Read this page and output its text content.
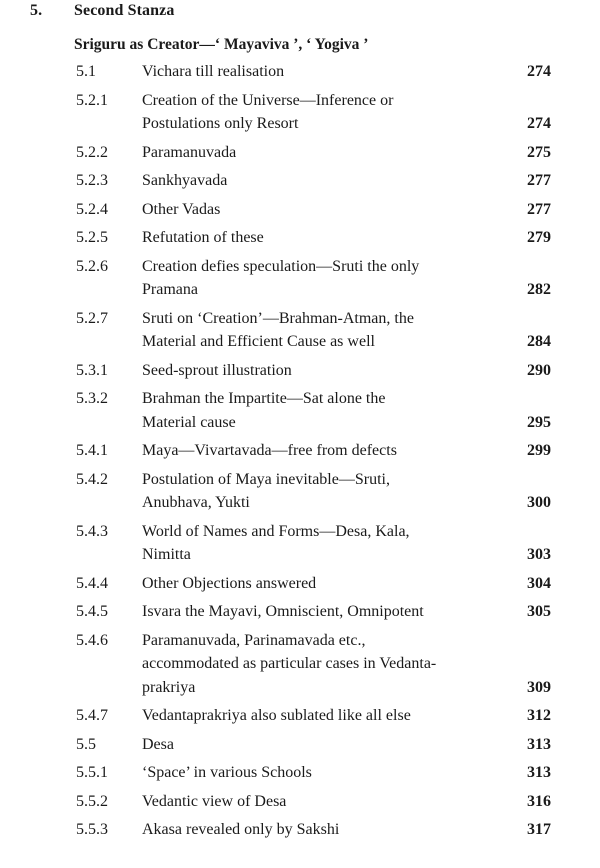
5. Second Stanza
Sriguru as Creator—‘ Mayaviva ’, ‘ Yogiva ’
5.1	Vichara till realisation	274
5.2.1 Creation of the Universe—Inference or
Postulations only Resort	274
5.2.2 Paramanuvada	275
5.2.3 Sankhyavada	277
5.2.4 Other Vadas	277
5.2.5 Refutation of these	279
5.2.6 Creation defies speculation—Sruti the only
Pramana	282
5.2.7 Sruti on ‘Creation’—Brahman-Atman, the
Material and Efficient Cause as well	284
5.3.1 Seed-sprout illustration	290
5.3.2 Brahman the Impartite—Sat alone the
Material cause	295
5.4.1 Maya—Vivartavada—free from defects	299
5.4.2 Postulation of Maya inevitable—Sruti,
Anubhava, Yukti	300
5.4.3 World of Names and Forms—Desa, Kala,
Nimitta	303
5.4.4 Other Objections answered	304
5.4.5 Isvara the Mayavi, Omniscient, Omnipotent	305
5.4.6 Paramanuvada, Parinamavada etc.,
accommodated as particular cases in Vedanta-
prakriya	309
5.4.7 Vedantaprakriya also sublated like all else	312
5.5	Desa	313
5.5.1 ‘Space’ in various Schools	313
5.5.2 Vedantic view of Desa	316
5.5.3 Akasa revealed only by Sakshi	317
